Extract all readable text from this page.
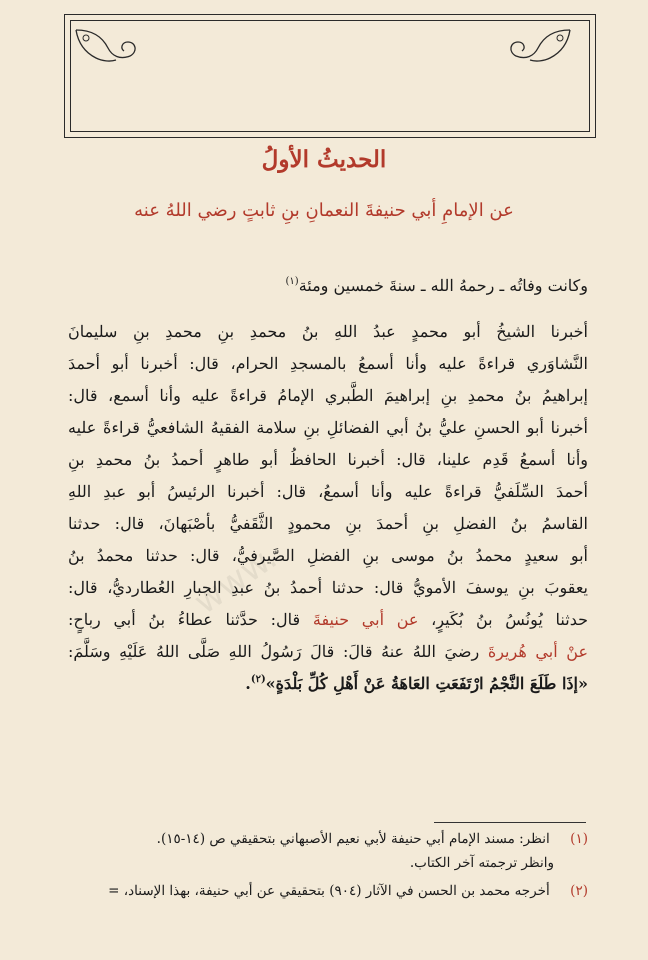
الحديثُ الأولُ
عن الإمامِ أبي حنيفةَ النعمانِ بنِ ثابتٍ رضي اللهُ عنه
وكانت وفاتُه ـ رحمهُ الله ـ سنةَ خمسين ومئة$^{(١)}$
أخبرنا الشيخُ أبو محمدٍ عبدُ اللهِ بنُ محمدِ بنِ محمدِ بنِ سليمانَ
النَّشاوَري قراءةً عليه وأنا أسمعُ بالمسجدِ الحرام، قال: أخبرنا أبو أحمدَ
إبراهيمُ بنُ محمدِ بنِ إبراهيمَ الطَّبري الإمامُ قراءةً عليه وأنا أسمع، قال:
أخبرنا أبو الحسنِ عليُّ بنُ أبي الفضائلِ بنِ سلامة الفقيهُ الشافعيُّ قراءةً عليه
وأنا أسمعُ قَدِم علينا، قال: أخبرنا الحافظُ أبو طاهرٍ أحمدُ بنُ محمدِ بنِ
أحمدَ السِّلَفيُّ قراءةً عليه وأنا أسمعُ، قال: أخبرنا الرئيسُ أبو عبدِ اللهِ
القاسمُ بنُ الفضلِ بنِ أحمدَ بنِ محمودٍ الثَّقَفيُّ بأصْبَهانَ، قال: حدثنا
أبو سعيدٍ محمدُ بنُ موسى بنِ الفضلِ الصَّيرفيُّ، قال: حدثنا محمدُ بنُ
يعقوبَ بنِ يوسفَ الأمويُّ قال: حدثنا أحمدُ بنُ عبدِ الجبارِ العُطارديُّ، قال:
حدثنا يُونُسُ بنُ بُكَيرٍ، عن أبي حنيفةَ قال: حدَّثنا عطاءُ بنُ أبي رباحٍ:
عنْ أبي هُريرةَ رضيَ اللهُ عنهُ قالَ: قالَ رَسُولُ اللهِ صَلَّى اللهُ عَلَيْهِ وسَلَّمَ:
«إذَا طَلَعَ النَّجْمُ ارْتَفَعَتِ العَاهَةُ عَنْ أَهْلِ كُلِّ بَلْدَةٍ»$^{(٢)}$.
www.
(١) انظر: مسند الإمام أبي حنيفة لأبي نعيم الأصبهاني بتحقيقي ص (١٤-١٥).
وانظر ترجمته آخر الكتاب.
(٢) أخرجه محمد بن الحسن في الآثار (٩٠٤) بتحقيقي عن أبي حنيفة، بهذا الإسناد، =
